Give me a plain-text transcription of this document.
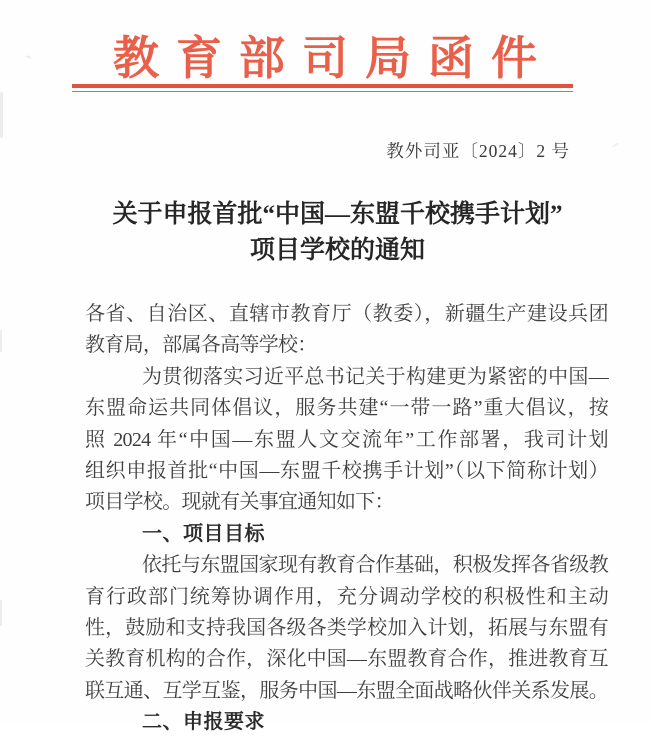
教育部司局函件
教外司亚〔2024〕2 号
关于申报首批“中国—东盟千校携手计划”
项目学校的通知
各省、自治区、直辖市教育厅（教委），新疆生产建设兵团
教育局，部属各高等学校：
为贯彻落实习近平总书记关于构建更为紧密的中国—
东盟命运共同体倡议，服务共建“一带一路”重大倡议，按
照 2024 年“中国—东盟人文交流年”工作部署，我司计划
组织申报首批“中国—东盟千校携手计划”（以下简称计划）
项目学校。现就有关事宜通知如下：
一、项目目标
依托与东盟国家现有教育合作基础，积极发挥各省级教
育行政部门统筹协调作用，充分调动学校的积极性和主动
性，鼓励和支持我国各级各类学校加入计划，拓展与东盟有
关教育机构的合作，深化中国—东盟教育合作，推进教育互
联互通、互学互鉴，服务中国—东盟全面战略伙伴关系发展。
二、申报要求
